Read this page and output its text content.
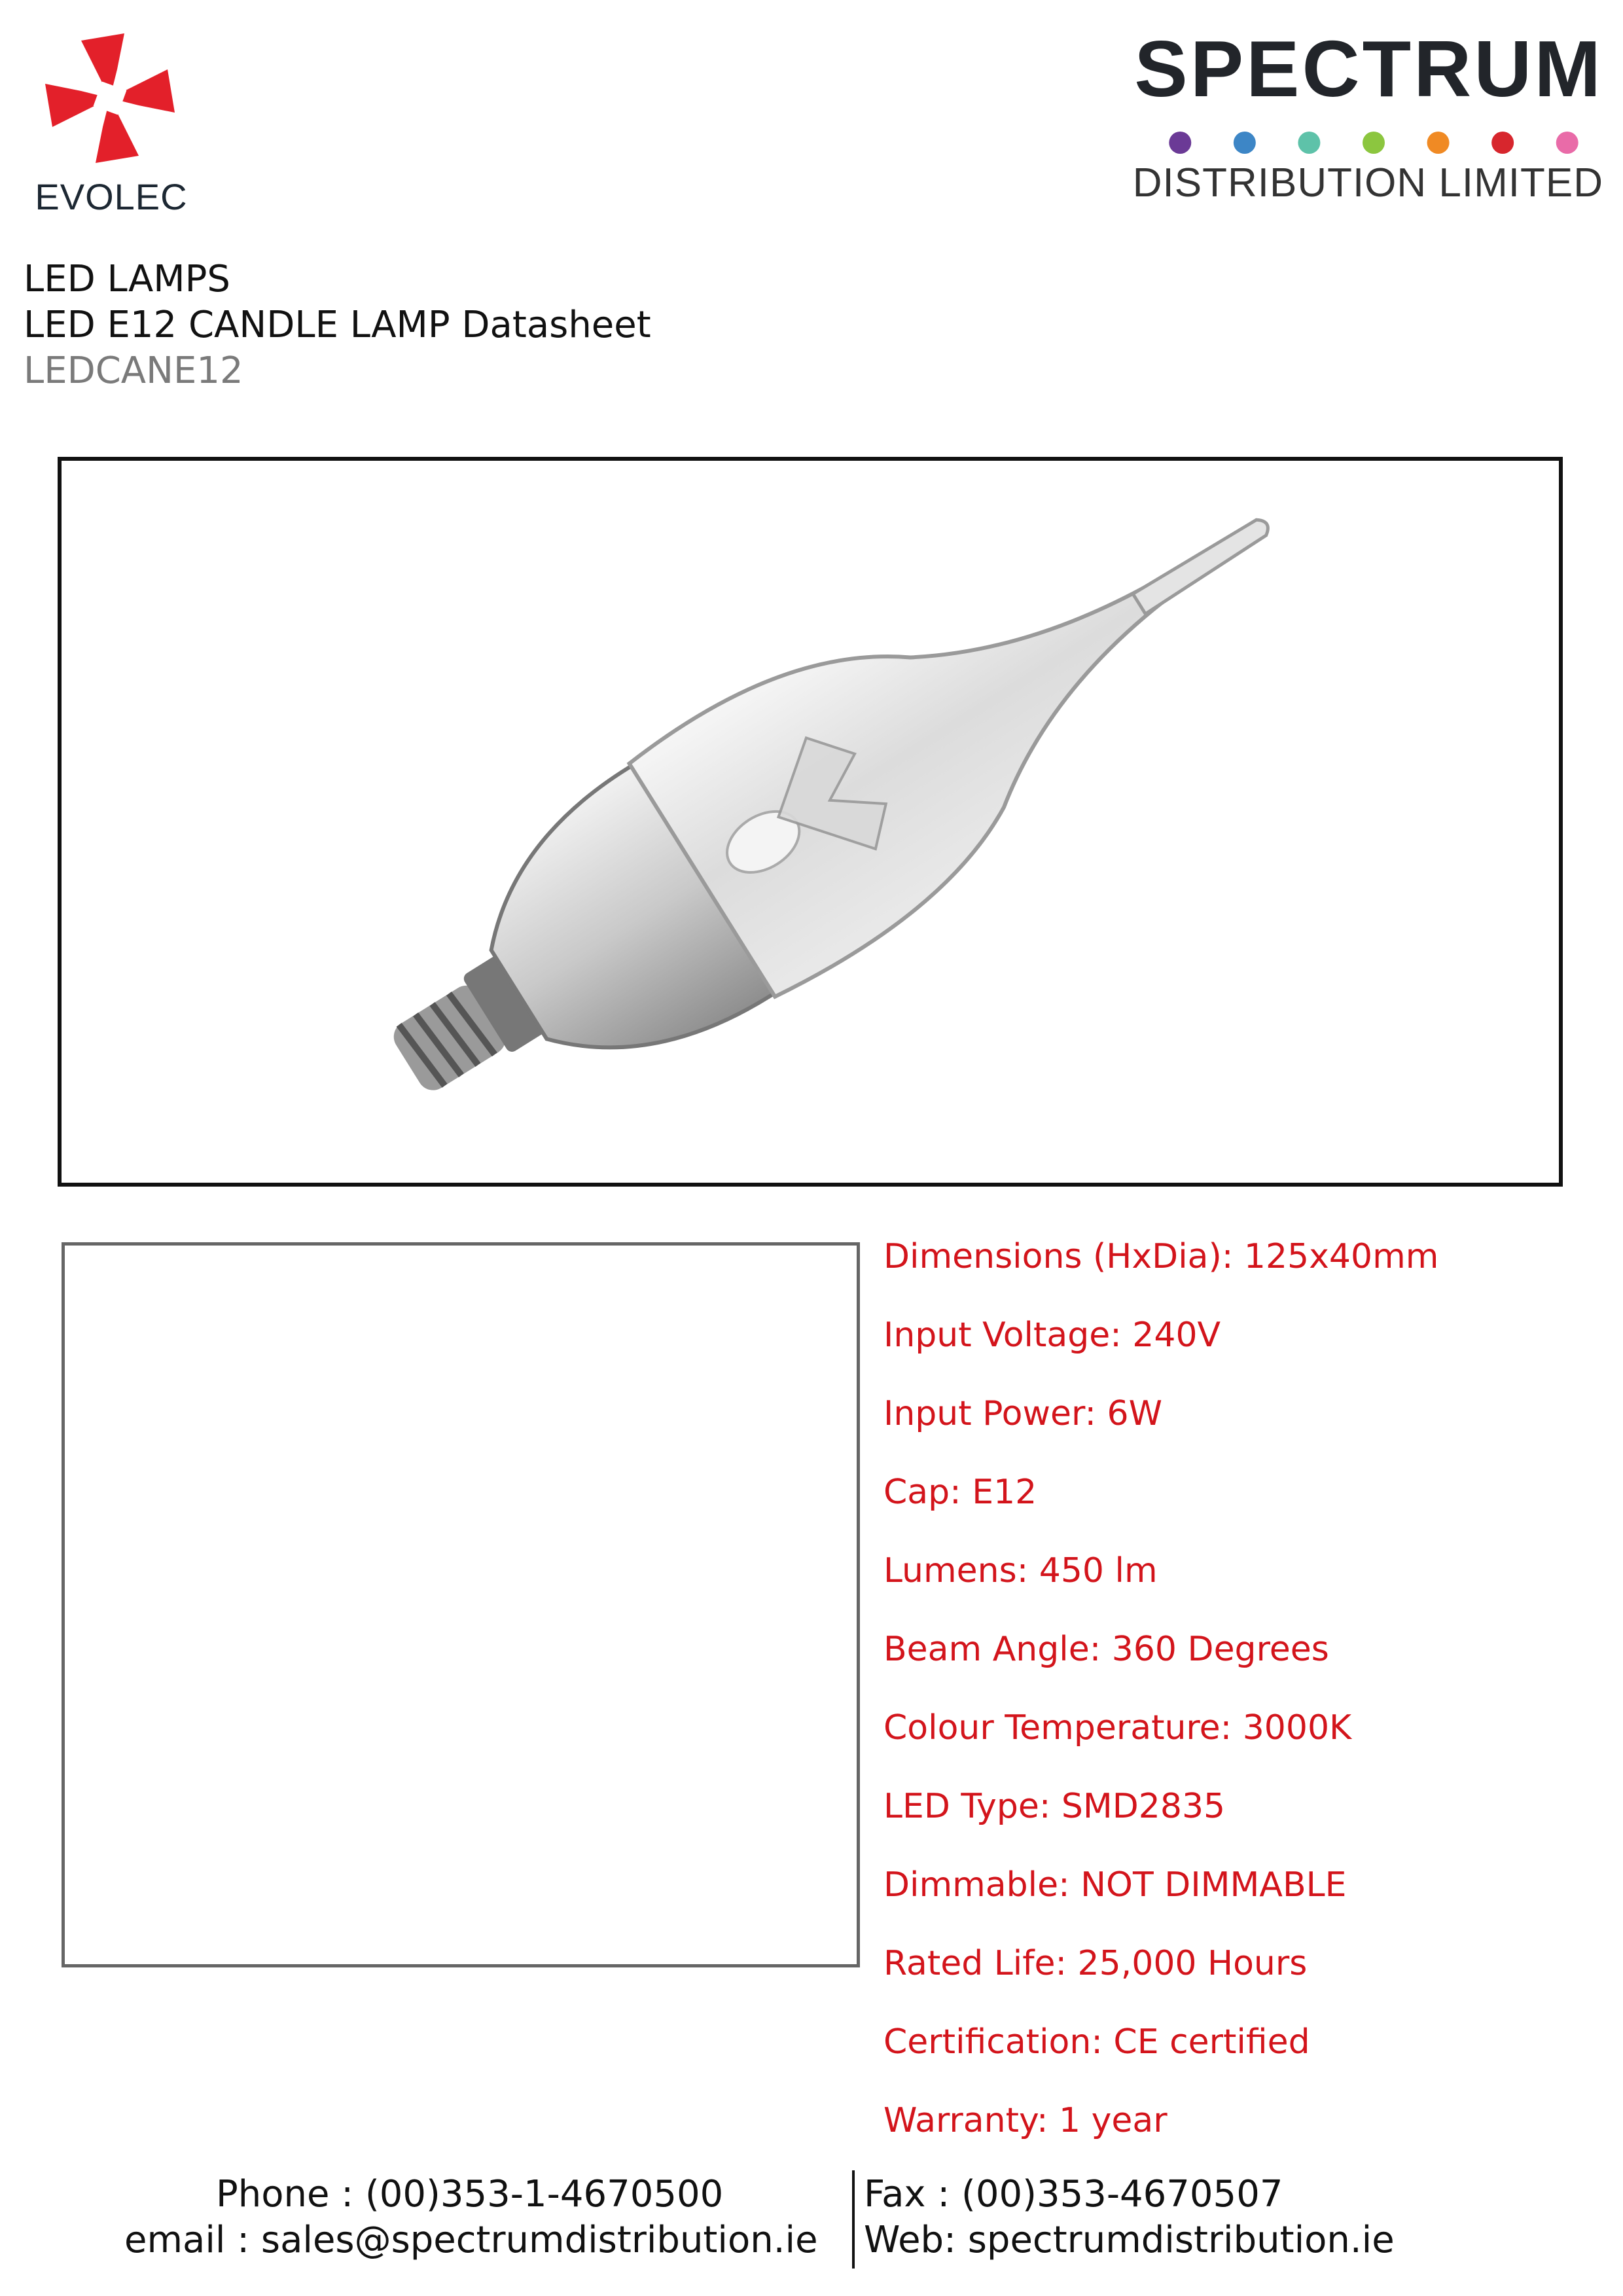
EVOLEC
SPECTRUM
DISTRIBUTION LIMITED
LED LAMPS
LED E12 CANDLE LAMP Datasheet
LEDCANE12
Dimensions (HxDia): 125x40mm
Input Voltage: 240V
Input Power: 6W
Cap: E12
Lumens: 450 lm
Beam Angle: 360 Degrees
Colour Temperature: 3000K
LED Type: SMD2835
Dimmable: NOT DIMMABLE
Rated Life: 25,000 Hours
Certification: CE certified
Warranty: 1 year
Phone : (00)353-1-4670500	Fax : (00)353-4670507
email : sales@spectrumdistribution.ie Web: spectrumdistribution.ie
